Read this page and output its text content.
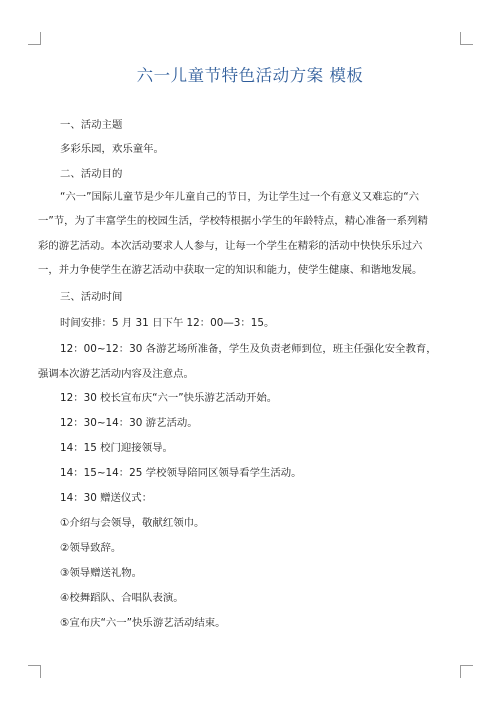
六一儿童节特色活动方案 模板
一、活动主题
多彩乐园，欢乐童年。
二、活动目的
“六一”国际儿童节是少年儿童自己的节日，为让学生过一个有意义又难忘的“六
一”节，为了丰富学生的校园生活，学校特根据小学生的年龄特点，精心准备一系列精
彩的游艺活动。本次活动要求人人参与，让每一个学生在精彩的活动中快快乐乐过六
一，并力争使学生在游艺活动中获取一定的知识和能力，使学生健康、和谐地发展。
三、活动时间
时间安排：5 月 31 日下午 12：00—3：15。
12：00~12：30 各游艺场所准备，学生及负责老师到位，班主任强化安全教育，
强调本次游艺活动内容及注意点。
12：30 校长宣布庆“六一”快乐游艺活动开始。
12：30~14：30 游艺活动。
14：15 校门迎接领导。
14：15~14：25 学校领导陪同区领导看学生活动。
14：30 赠送仪式：
①介绍与会领导，敬献红领巾。
②领导致辞。
③领导赠送礼物。
④校舞蹈队、合唱队表演。
⑤宣布庆“六一”快乐游艺活动结束。
